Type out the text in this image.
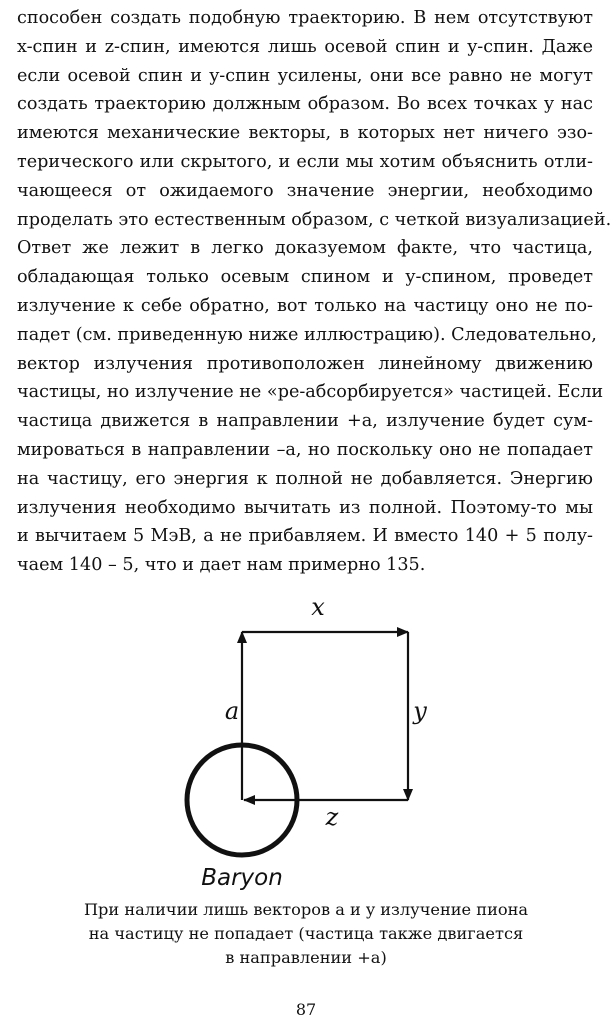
способен создать подобную траекторию. В нем отсутствуют
x-спин и z-спин, имеются лишь осевой спин и y-спин. Даже
если осевой спин и y-спин усилены, они все равно не могут
создать траекторию должным образом. Во всех точках у нас
имеются механические векторы, в которых нет ничего эзо-
терического или скрытого, и если мы хотим объяснить отли-
чающееся от ожидаемого значение энергии, необходимо
проделать это естественным образом, с четкой визуализацией.
Ответ же лежит в легко доказуемом факте, что частица,
обладающая только осевым спином и y-спином, проведет
излучение к себе обратно, вот только на частицу оно не по-
падет (см. приведенную ниже иллюстрацию). Следовательно,
вектор излучения противоположен линейному движению
частицы, но излучение не «ре-абсорбируется» частицей. Если
частица движется в направлении +a, излучение будет сум-
мироваться в направлении –a, но поскольку оно не попадает
на частицу, его энергия к полной не добавляется. Энергию
излучения необходимо вычитать из полной. Поэтому-то мы
и вычитаем 5 МэВ, а не прибавляем. И вместо 140 + 5 полу-
чаем 140 – 5, что и дает нам примерно 135.
x
a	y
z
Baryon
При наличии лишь векторов a и y излучение пиона
на частицу не попадает (частица также двигается
в направлении +a)
87
